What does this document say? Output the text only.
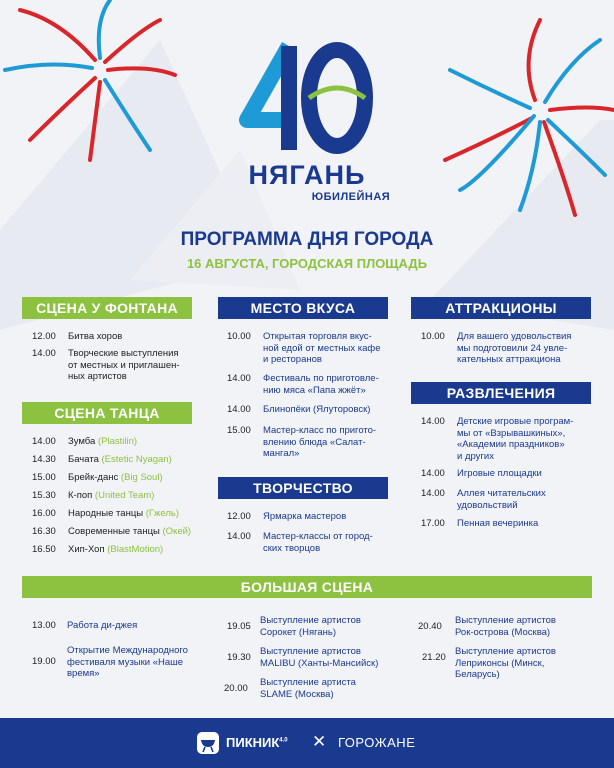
40
НЯГАНЬ
ЮБИЛЕЙНАЯ
ПРОГРАММА ДНЯ ГОРОДА
16 АВГУСТА, ГОРОДСКАЯ ПЛОЩАДЬ
СЦЕНА У ФОНТАНА
12.00 Битва хоров
14.00 Творческие выступления
от местных и приглашен-
ных артистов
СЦЕНА ТАНЦА
14.00 Зумба (Plastilin)
14.30 Бачата (Estetic Nyagan)
15.00 Брейк-данс (Big Soul)
15.30 К-поп (United Team)
16.00 Народные танцы (Гжель)
16.30 Современные танцы (Окей)
16.50 Хип-Хоп (BlastMotion)
МЕСТО ВКУСА
10.00 Открытая торговля вкус-
ной едой от местных кафе
и ресторанов
14.00 Фестиваль по приготовле-
нию мяса «Папа жжёт»
14.00 Блинопёки (Ялуторовск)
15.00 Мастер-класс по пригото-
влению блюда «Салат-
мангал»
ТВОРЧЕСТВО
12.00 Ярмарка мастеров
14.00 Мастер-классы от город-
ских творцов
АТТРАКЦИОНЫ
10.00 Для вашего удовольствия
мы подготовили 24 увле-
кательных аттракциона
РАЗВЛЕЧЕНИЯ
14.00 Детские игровые програм-
мы от «Взрывашкиных»,
«Академии праздников»
и других
14.00 Игровые площадки
14.00 Аллея читательских
удовольствий
17.00 Пенная вечеринка
БОЛЬШАЯ СЦЕНА
13.00 Работа ди-джея
19.00
Открытие Международного
фестиваля музыки «Наше
время»
19.05
Выступление артистов
Сорокет (Нягань)
19.30
Выступление артистов
MALIBU (Ханты-Мансийск)
20.00
Выступление артиста
SLAME (Москва)
20.40
Выступление артистов
Рок-острова (Москва)
21.20
Выступление артистов
Леприконсы (Минск,
Беларусь)
$ПИКНИК^{4.0}$ ✕ ГОРОЖАНЕ
